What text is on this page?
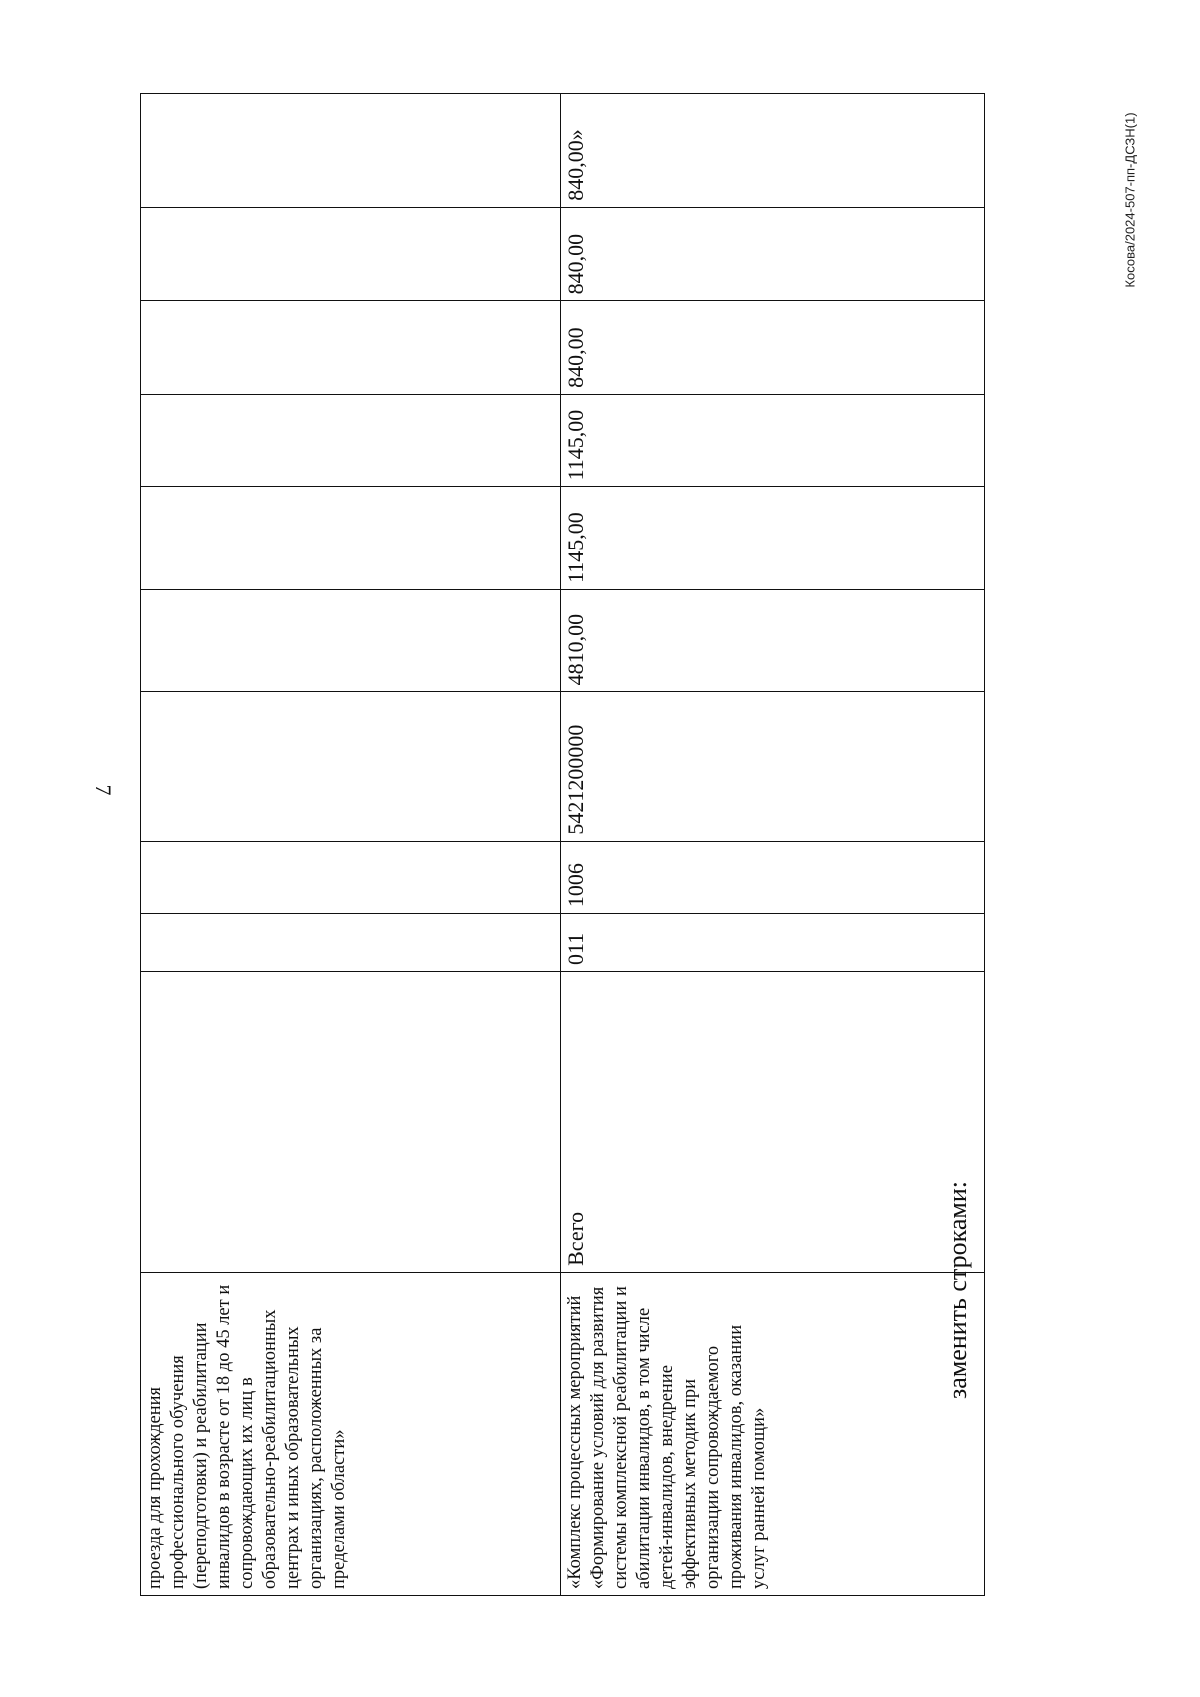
7
Косова/2024-507-пп-ДСЗН(1)
проезда для прохождения профессионального обучения (переподготовки) и реабилитации инвалидов в возрасте от 18 до 45 лет и сопровождающих их лиц в образовательно-реабилитационных центрах и иных образовательных организациях, расположенных за пределами области»										
«Комплекс процессных мероприятий «Формирование условий для развития системы комплексной реабилитации и абилитации инвалидов, в том числе детей-инвалидов, внедрение эффективных методик при организации сопровождаемого проживания инвалидов, оказании услуг ранней помощи»	Всего	011	1006	5421200000	4810,00	1145,00	1145,00	840,00	840,00	840,00»
заменить строками:
